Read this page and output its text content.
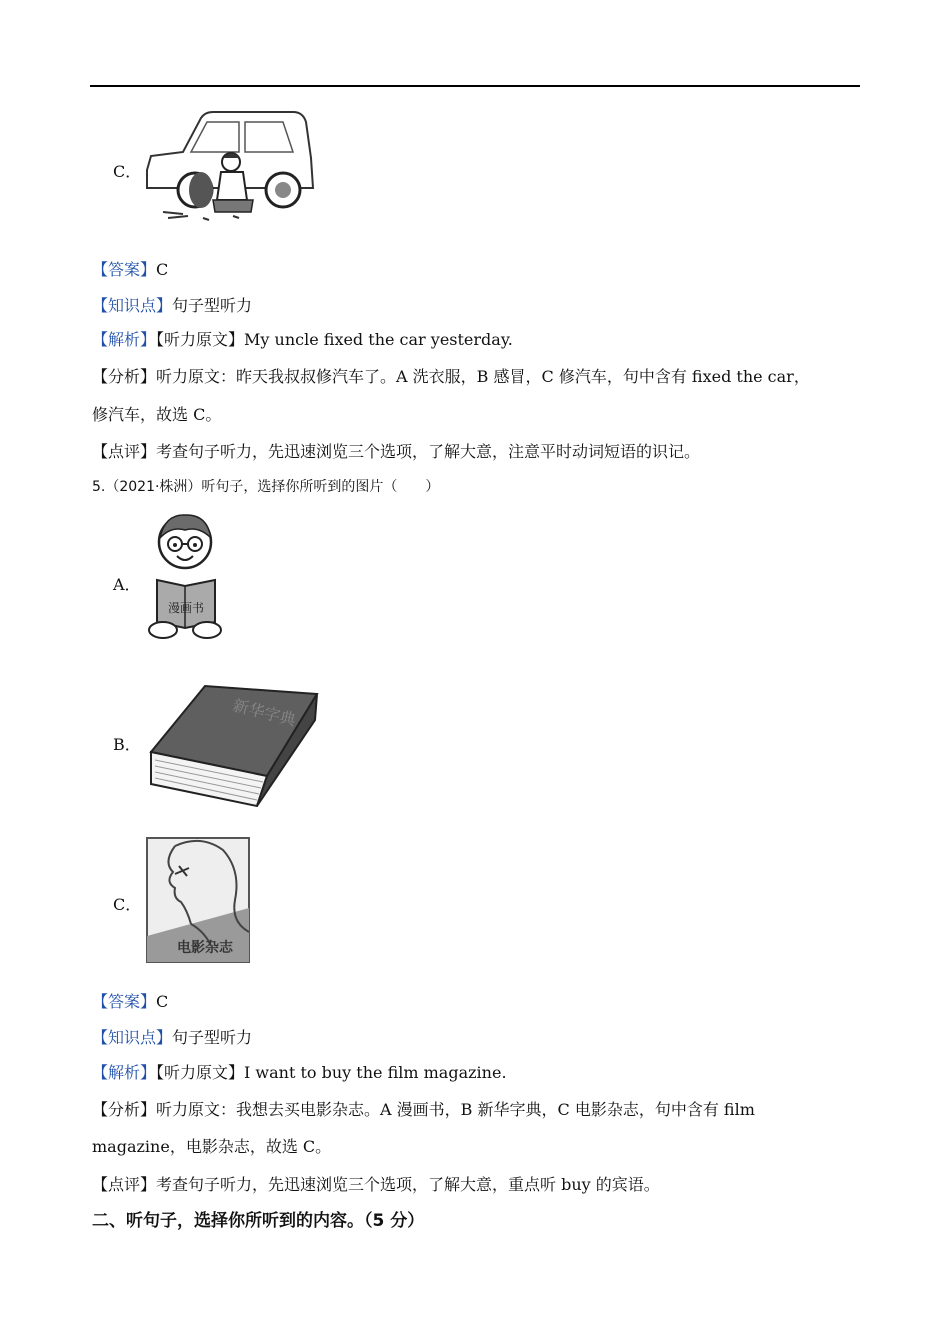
C．
【答案】C
【知识点】句子型听力
【解析】【听力原文】My uncle fixed the car yesterday.
【分析】听力原文：昨天我叔叔修汽车了。A 洗衣服，B 感冒，C 修汽车，句中含有 fixed the car，
修汽车，故选 C。
【点评】考查句子听力，先迅速浏览三个选项，了解大意，注意平时动词短语的识记。
5.（2021·株洲）听句子，选择你所听到的图片（　　）
A．
漫画书
B．
新华字典
C．
电影杂志
【答案】C
【知识点】句子型听力
【解析】【听力原文】I want to buy the film magazine.
【分析】听力原文：我想去买电影杂志。A 漫画书，B 新华字典，C 电影杂志，句中含有 film
magazine，电影杂志，故选 C。
【点评】考查句子听力，先迅速浏览三个选项，了解大意，重点听 buy 的宾语。
二、听句子，选择你所听到的内容。（5 分）
